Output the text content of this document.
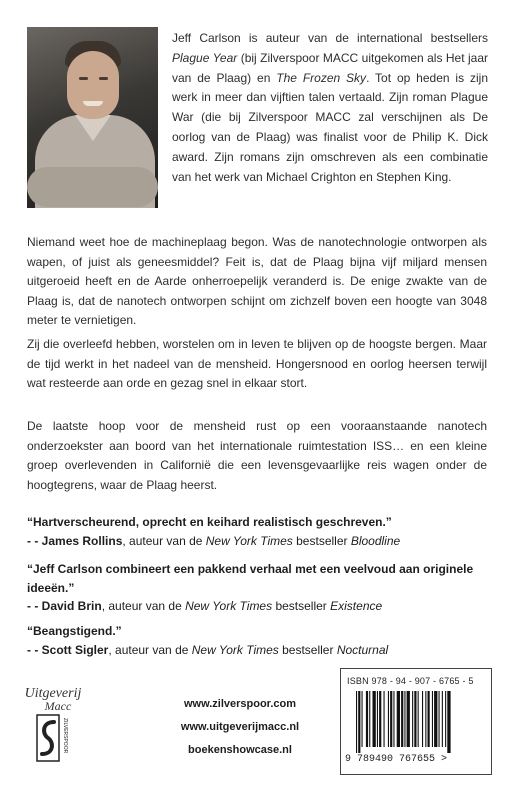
Jeff Carlson is auteur van de international bestsellers Plague Year (bij Zilverspoor MACC uitgekomen als Het jaar van de Plaag) en The Frozen Sky. Tot op heden is zijn werk in meer dan vijftien talen vertaald. Zijn roman Plague War (die bij Zilverspoor MACC zal verschijnen als De oorlog van de Plaag) was finalist voor de Philip K. Dick award. Zijn romans zijn omschreven als een combinatie van het werk van Michael Crighton en Stephen King.

Niemand weet hoe de machineplaag begon. Was de nanotechnologie ontworpen als wapen, of juist als geneesmiddel? Feit is, dat de Plaag bijna vijf miljard mensen uitgeroeid heeft en de Aarde onherroepelijk veranderd is. De enige zwakte van de Plaag is, dat de nanotech ontworpen schijnt om zichzelf boven een hoogte van 3048 meter te vernietigen.

Zij die overleefd hebben, worstelen om in leven te blijven op de hoogste bergen. Maar de tijd werkt in het nadeel van de mensheid. Hongersnood en oorlog heersen terwijl wat resteerde aan orde en gezag snel in elkaar stort.

De laatste hoop voor de mensheid rust op een vooraanstaande nanotech onderzoekster aan boord van het internationale ruimtestation ISS… en een kleine groep overlevenden in Californië die een levensgevaarlijke reis wagen onder de hoogtegrens, waar de Plaag heerst.

“Hartverscheurend, oprecht en keihard realistisch geschreven.”
- - James Rollins, auteur van de New York Times bestseller Bloodline
“Jeff Carlson combineert een pakkend verhaal met een veelvoud aan originele ideeën.”
- - David Brin, auteur van de New York Times bestseller Existence
“Beangstigend.”
- - Scott Sigler, auteur van de New York Times bestseller Nocturnal
Uitgeverij
Macc
ZILVERSPOOR
www.zilverspoor.com
www.uitgeverijmacc.nl
boekenshowcase.nl
ISBN 978 - 94 - 907 - 6765 - 5
9 789490 767655 >
